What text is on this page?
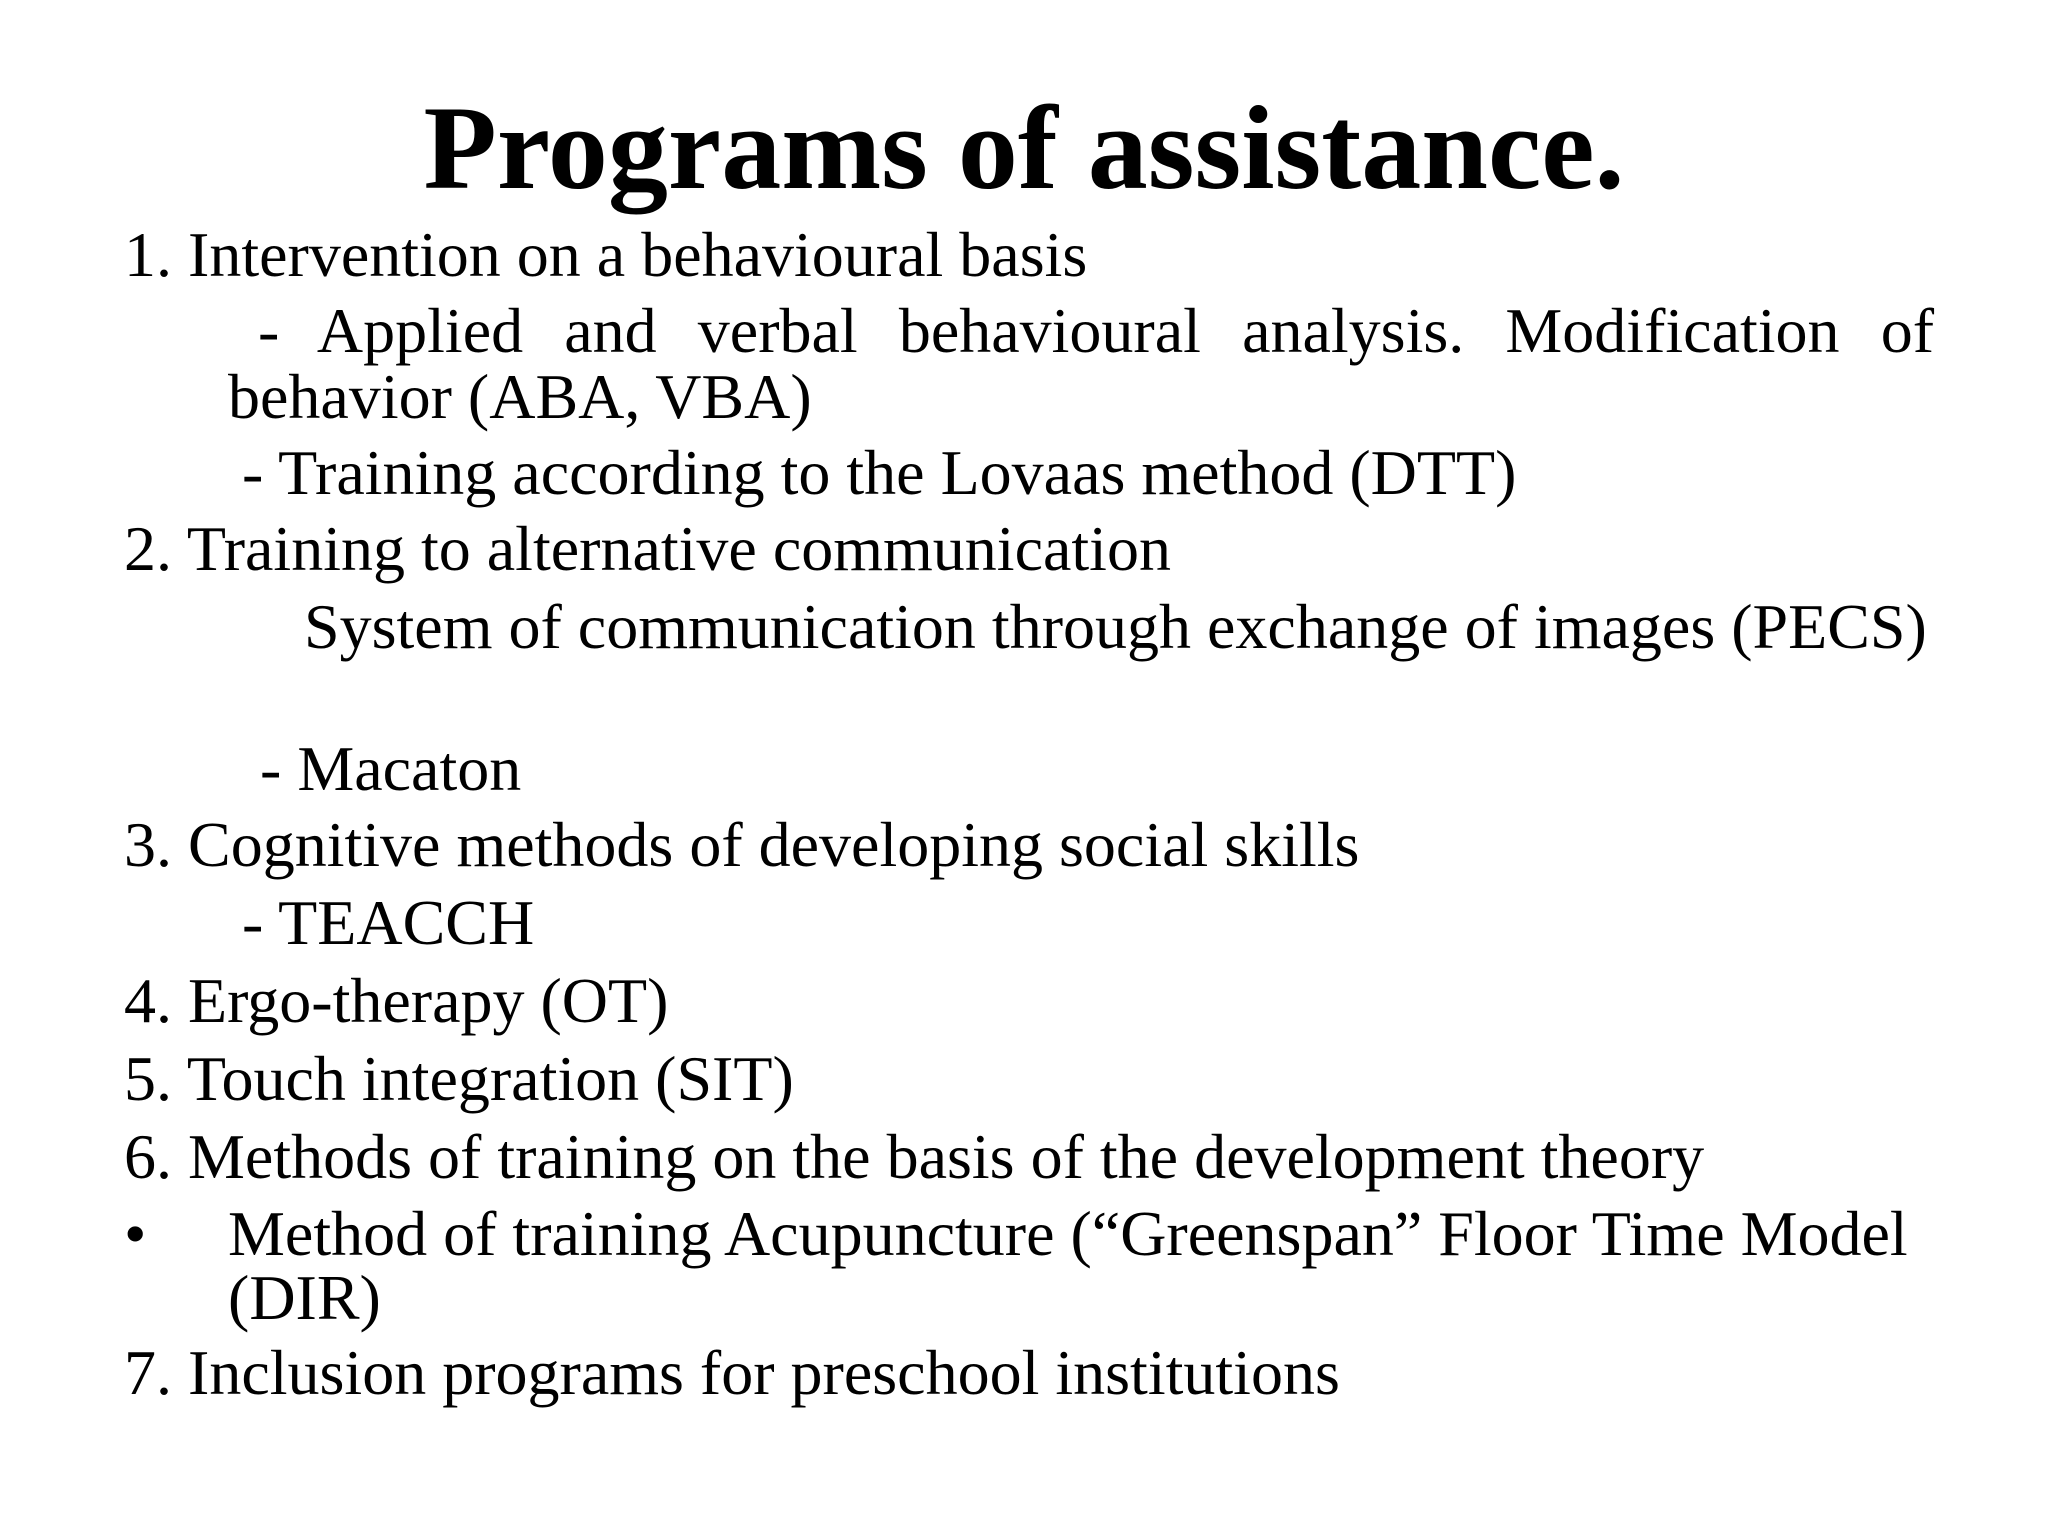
Programs of assistance.
1. Intervention on a behavioural basis
- Applied and verbal behavioural analysis. Modification of behavior (ABA, VBA)
- Training according to the Lovaas method (DTT)
2. Training to alternative communication
System of communication through exchange of images (PECS)
- Macaton
3. Cognitive methods of developing social skills
- TEACCH
4. Ergo-therapy (OT)
5. Touch integration (SIT)
6. Methods of training on the basis of the development theory
• Method of training Acupuncture (“Greenspan” Floor Time Model (DIR)
7. Inclusion programs for preschool institutions
